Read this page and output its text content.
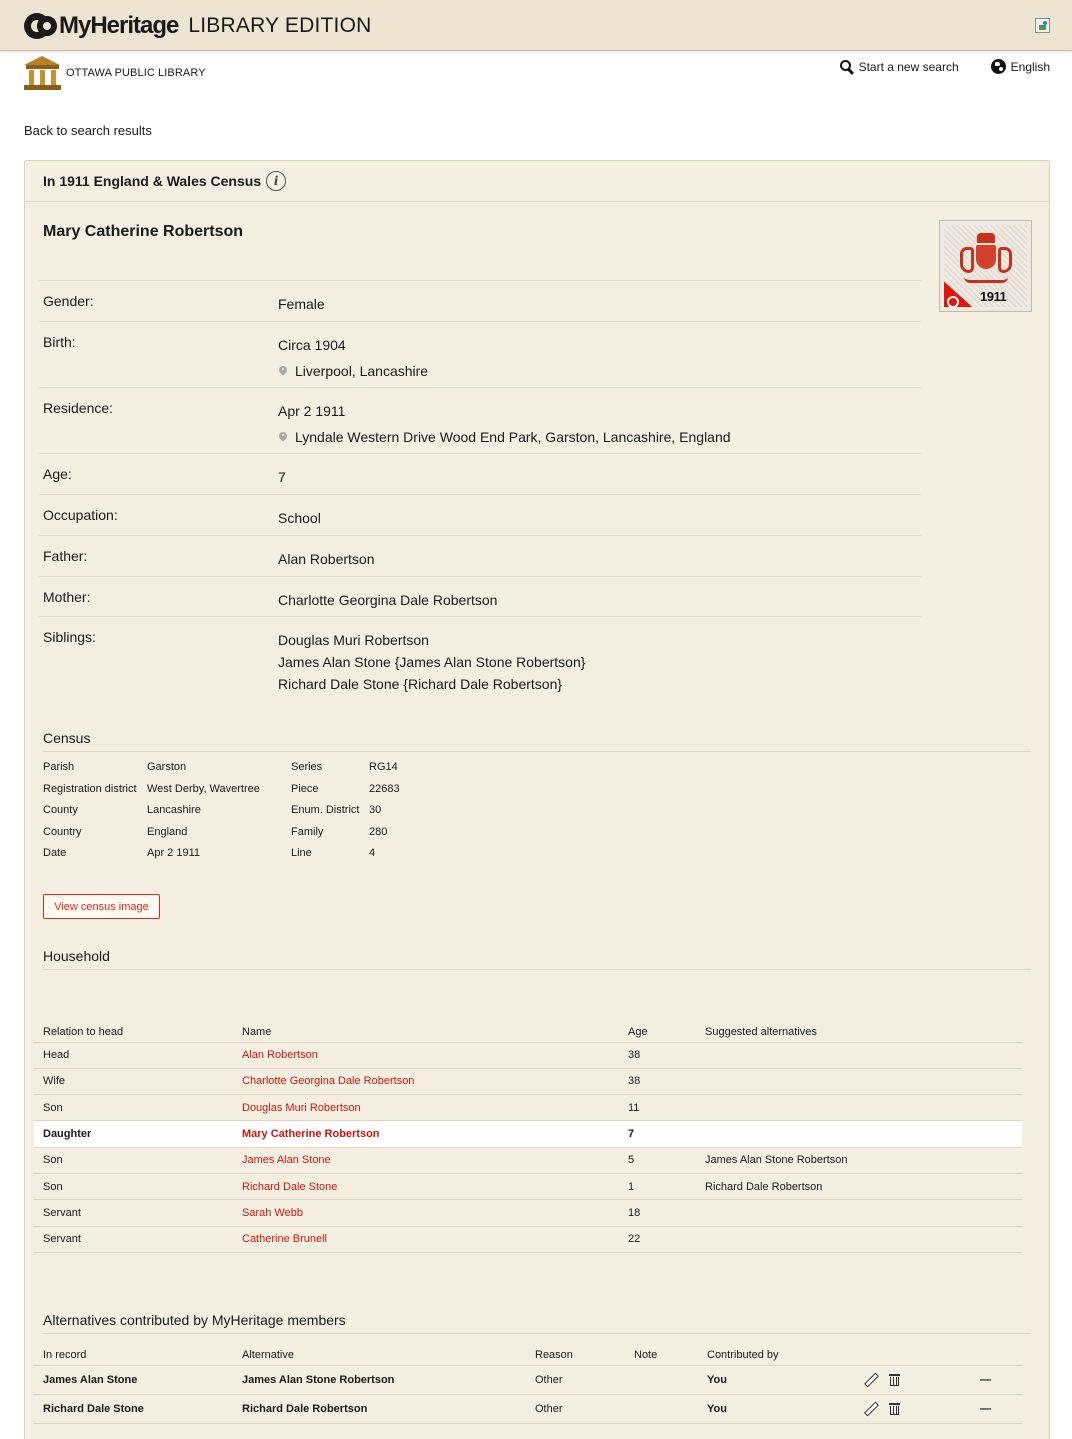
MyHeritage LIBRARY EDITION
OTTAWA PUBLIC LIBRARY	Start a new search	English
Back to search results
In 1911 England & Wales Census	i
Mary Catherine Robertson
1911
Gender:	Female
Birth:	Circa 1904
Liverpool, Lancashire
Residence:	Apr 2 1911
Lyndale Western Drive Wood End Park, Garston, Lancashire, England
Age:	7
Occupation:	School
Father:	Alan Robertson
Mother:	Charlotte Georgina Dale Robertson
Siblings:	Douglas Muri Robertson
James Alan Stone {James Alan Stone Robertson}
Richard Dale Stone {Richard Dale Robertson}
Census
Parish	Garston	Series	RG14
Registration district West Derby, Wavertree	Piece	22683
County	Lancashire	Enum. District 30
Country	England	Family	280
Date	Apr 2 1911	Line	4
View census image
Household
Relation to head	Name	Age	Suggested alternatives
Head	Alan Robertson	38	
Wife	Charlotte Georgina Dale Robertson	38	
Son	Douglas Muri Robertson	11	
Daughter	Mary Catherine Robertson	7	
Son	James Alan Stone	5	James Alan Stone Robertson
Son	Richard Dale Stone	1	Richard Dale Robertson
Servant	Sarah Webb	18	
Servant	Catherine Brunell	22	
Alternatives contributed by MyHeritage members
In record	Alternative	Reason	Note	Contributed by		
James Alan Stone	James Alan Stone Robertson	Other		You		—
Richard Dale Stone	Richard Dale Robertson	Other		You		—
